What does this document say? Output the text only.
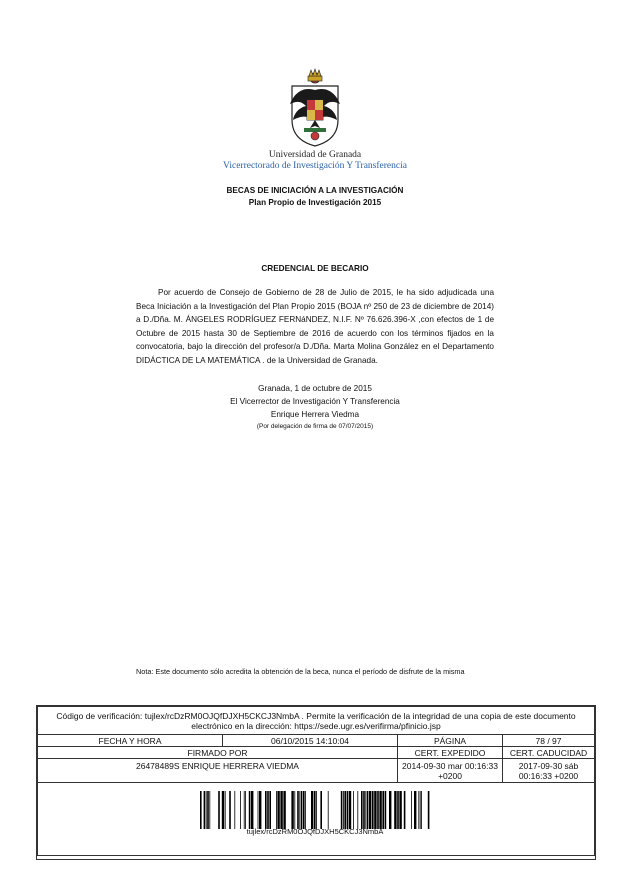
Universidad de Granada
Vicerrectorado de Investigación Y Transferencia
BECAS DE INICIACIÓN A LA INVESTIGACIÓN
Plan Propio de Investigación 2015
CREDENCIAL DE BECARIO

Por acuerdo de Consejo de Gobierno de 28 de Julio de 2015, le ha sido adjudicada una Beca Iniciación a la Investigación del Plan Propio 2015 (BOJA nº 250 de 23 de diciembre de 2014) a D./Dña. M. ÁNGELES RODRÍGUEZ FERNáNDEZ, N.I.F. Nº 76.626.396-X ,con efectos de 1 de Octubre de 2015 hasta 30 de Septiembre de 2016 de acuerdo con los términos fijados en la convocatoria, bajo la dirección del profesor/a D./Dña. Marta Molina González en el Departamento DIDÁCTICA DE LA MATEMÁTICA . de la Universidad de Granada.

Granada, 1 de octubre de 2015
El Vicerrector de Investigación Y Transferencia
Enrique Herrera Viedma
(Por delegación de firma de 07/07/2015)
Nota: Este documento sólo acredita la obtención de la beca, nunca el período de disfrute de la misma
Código de verificación: tujlex/rcDzRM0OJQfDJXH5CKCJ3NmbA . Permite la verificación de la integridad de una copia de este documento electrónico en la dirección: https://sede.ugr.es/verifirma/pfinicio.jsp			
FECHA Y HORA	06/10/2015 14:10:04	PÁGINA	78 / 97
FIRMADO POR		CERT. EXPEDIDO	CERT. CADUCIDAD
26478489S ENRIQUE HERRERA VIEDMA		2014-09-30 mar 00:16:33 +0200	2017-09-30 sáb 00:16:33 +0200

tujlex/rcDzRM0OJQfDJXH5CKCJ3NmbA
